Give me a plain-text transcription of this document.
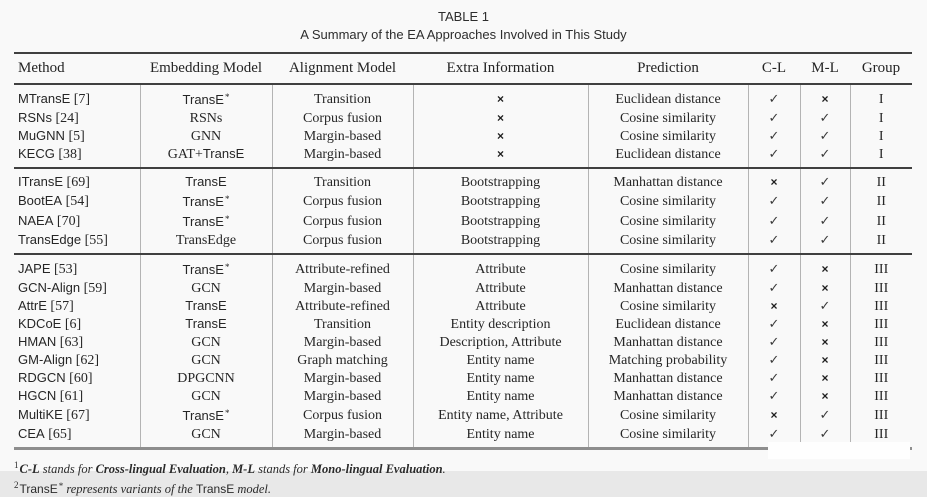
TABLE 1
A Summary of the EA Approaches Involved in This Study
Method	Embedding Model	Alignment Model	Extra Information	Prediction	C-L	M-L	Group
MTransE [7]	TransE*	Transition	×	Euclidean distance	✓	×	I
RSNs [24]	RSNs	Corpus fusion	×	Cosine similarity	✓	✓	I
MuGNN [5]	GNN	Margin-based	×	Cosine similarity	✓	✓	I
KECG [38]	GAT+TransE	Margin-based	×	Euclidean distance	✓	✓	I
ITransE [69]	TransE	Transition	Bootstrapping	Manhattan distance	×	✓	II
BootEA [54]	TransE*	Corpus fusion	Bootstrapping	Cosine similarity	✓	✓	II
NAEA [70]	TransE*	Corpus fusion	Bootstrapping	Cosine similarity	✓	✓	II
TransEdge [55]	TransEdge	Corpus fusion	Bootstrapping	Cosine similarity	✓	✓	II
JAPE [53]	TransE*	Attribute-refined	Attribute	Cosine similarity	✓	×	III
GCN-Align [59]	GCN	Margin-based	Attribute	Manhattan distance	✓	×	III
AttrE [57]	TransE	Attribute-refined	Attribute	Cosine similarity	×	✓	III
KDCoE [6]	TransE	Transition	Entity description	Euclidean distance	✓	×	III
HMAN [63]	GCN	Margin-based	Description, Attribute	Manhattan distance	✓	×	III
GM-Align [62]	GCN	Graph matching	Entity name	Matching probability	✓	×	III
RDGCN [60]	DPGCNN	Margin-based	Entity name	Manhattan distance	✓	×	III
HGCN [61]	GCN	Margin-based	Entity name	Manhattan distance	✓	×	III
MultiKE [67]	TransE*	Corpus fusion	Entity name, Attribute	Cosine similarity	×	✓	III
CEA [65]	GCN	Margin-based	Entity name	Cosine similarity	✓	✓	III
$^1$C-L stands for Cross-lingual Evaluation, M-L stands for Mono-lingual Evaluation.
$^2$TransE* represents variants of the TransE model.
